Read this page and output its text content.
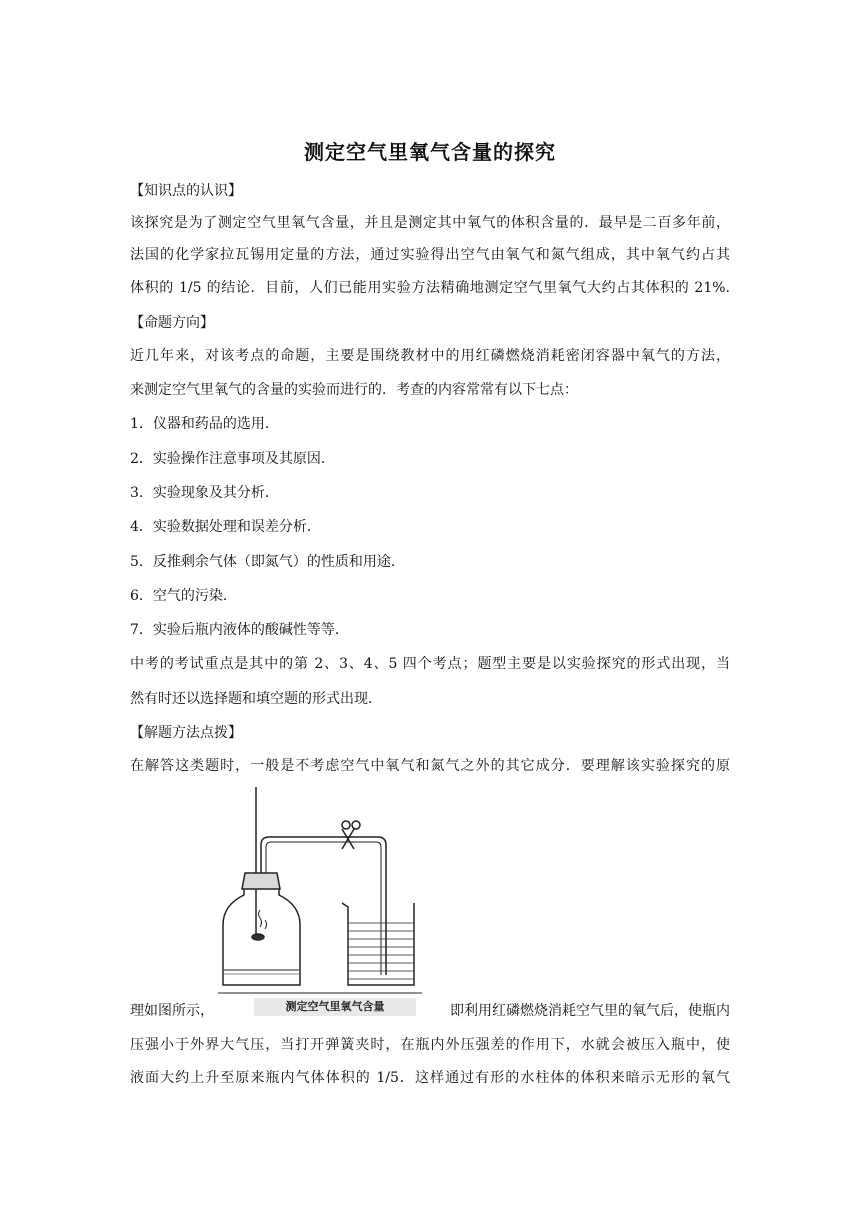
测定空气里氧气含量的探究
【知识点的认识】
该探究是为了测定空气里氧气含量，并且是测定其中氧气的体积含量的．最早是二百多年前，
法国的化学家拉瓦锡用定量的方法，通过实验得出空气由氧气和氮气组成，其中氧气约占其
体积的 1/5 的结论．目前，人们已能用实验方法精确地测定空气里氧气大约占其体积的 21%.
【命题方向】
近几年来，对该考点的命题，主要是围绕教材中的用红磷燃烧消耗密闭容器中氧气的方法，
来测定空气里氧气的含量的实验而进行的．考查的内容常常有以下七点：
1．仪器和药品的选用．
2．实验操作注意事项及其原因．
3．实验现象及其分析．
4．实验数据处理和误差分析．
5．反推剩余气体（即氮气）的性质和用途．
6．空气的污染．
7．实验后瓶内液体的酸碱性等等．
中考的考试重点是其中的第 2、3、4、5 四个考点；题型主要是以实验探究的形式出现，当
然有时还以选择题和填空题的形式出现．
【解题方法点拨】
在解答这类题时，一般是不考虑空气中氧气和氮气之外的其它成分．要理解该实验探究的原
测定空气里氧气含量
理如图所示，	即利用红磷燃烧消耗空气里的氧气后，使瓶内
压强小于外界大气压，当打开弹簧夹时，在瓶内外压强差的作用下，水就会被压入瓶中，使
液面大约上升至原来瓶内气体体积的 1/5．这样通过有形的水柱体的体积来暗示无形的氧气
